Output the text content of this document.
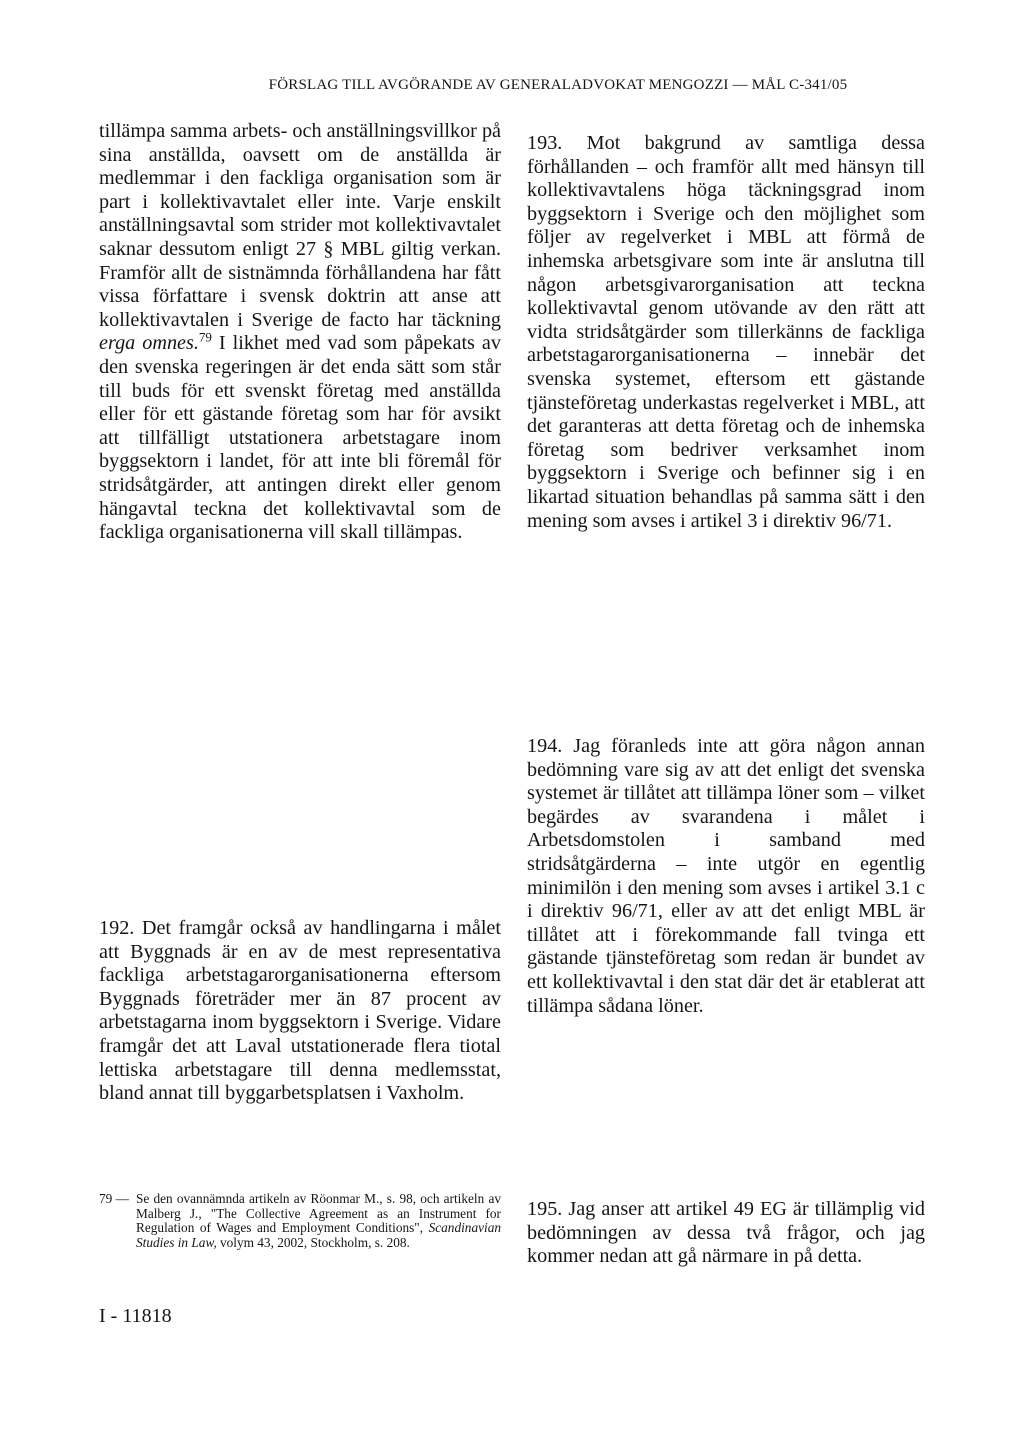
FÖRSLAG TILL AVGÖRANDE AV GENERALADVOKAT MENGOZZI — MÅL C-341/05
tillämpa samma arbets- och anställningsvillkor på sina anställda, oavsett om de anställda är medlemmar i den fackliga organisation som är part i kollektivavtalet eller inte. Varje enskilt anställningsavtal som strider mot kollektivavtalet saknar dessutom enligt 27 § MBL giltig verkan. Framför allt de sistnämnda förhållandena har fått vissa författare i svensk doktrin att anse att kollektivavtalen i Sverige de facto har täckning erga omnes.$^{79}$ I likhet med vad som påpekats av den svenska regeringen är det enda sätt som står till buds för ett svenskt företag med anställda eller för ett gästande företag som har för avsikt att tillfälligt utstationera arbetstagare inom byggsektorn i landet, för att inte bli föremål för stridsåtgärder, att antingen direkt eller genom hängavtal teckna det kollektivavtal som de fackliga organisationerna vill skall tillämpas.
193. Mot bakgrund av samtliga dessa förhållanden – och framför allt med hänsyn till kollektivavtalens höga täckningsgrad inom byggsektorn i Sverige och den möjlighet som följer av regelverket i MBL att förmå de inhemska arbetsgivare som inte är anslutna till någon arbetsgivarorganisation att teckna kollektivavtal genom utövande av den rätt att vidta stridsåtgärder som tillerkänns de fackliga arbetstagarorganisationerna – innebär det svenska systemet, eftersom ett gästande tjänsteföretag underkastas regelverket i MBL, att det garanteras att detta företag och de inhemska företag som bedriver verksamhet inom byggsektorn i Sverige och befinner sig i en likartad situation behandlas på samma sätt i den mening som avses i artikel 3 i direktiv 96/71.
194. Jag föranleds inte att göra någon annan bedömning vare sig av att det enligt det svenska systemet är tillåtet att tillämpa löner som – vilket begärdes av svarandena i målet i Arbetsdomstolen i samband med stridsåtgärderna – inte utgör en egentlig minimilön i den mening som avses i artikel 3.1 c i direktiv 96/71, eller av att det enligt MBL är tillåtet att i förekommande fall tvinga ett gästande tjänsteföretag som redan är bundet av ett kollektivavtal i den stat där det är etablerat att tillämpa sådana löner.
192. Det framgår också av handlingarna i målet att Byggnads är en av de mest representativa fackliga arbetstagarorganisationerna eftersom Byggnads företräder mer än 87 procent av arbetstagarna inom byggsektorn i Sverige. Vidare framgår det att Laval utstationerade flera tiotal lettiska arbetstagare till denna medlemsstat, bland annat till byggarbetsplatsen i Vaxholm.
79 — Se den ovannämnda artikeln av Röonmar M., s. 98, och artikeln av Malberg J., "The Collective Agreement as an Instrument for Regulation of Wages and Employment Conditions", Scandinavian Studies in Law, volym 43, 2002, Stockholm, s. 208.
195. Jag anser att artikel 49 EG är tillämplig vid bedömningen av dessa två frågor, och jag kommer nedan att gå närmare in på detta.
I - 11818
